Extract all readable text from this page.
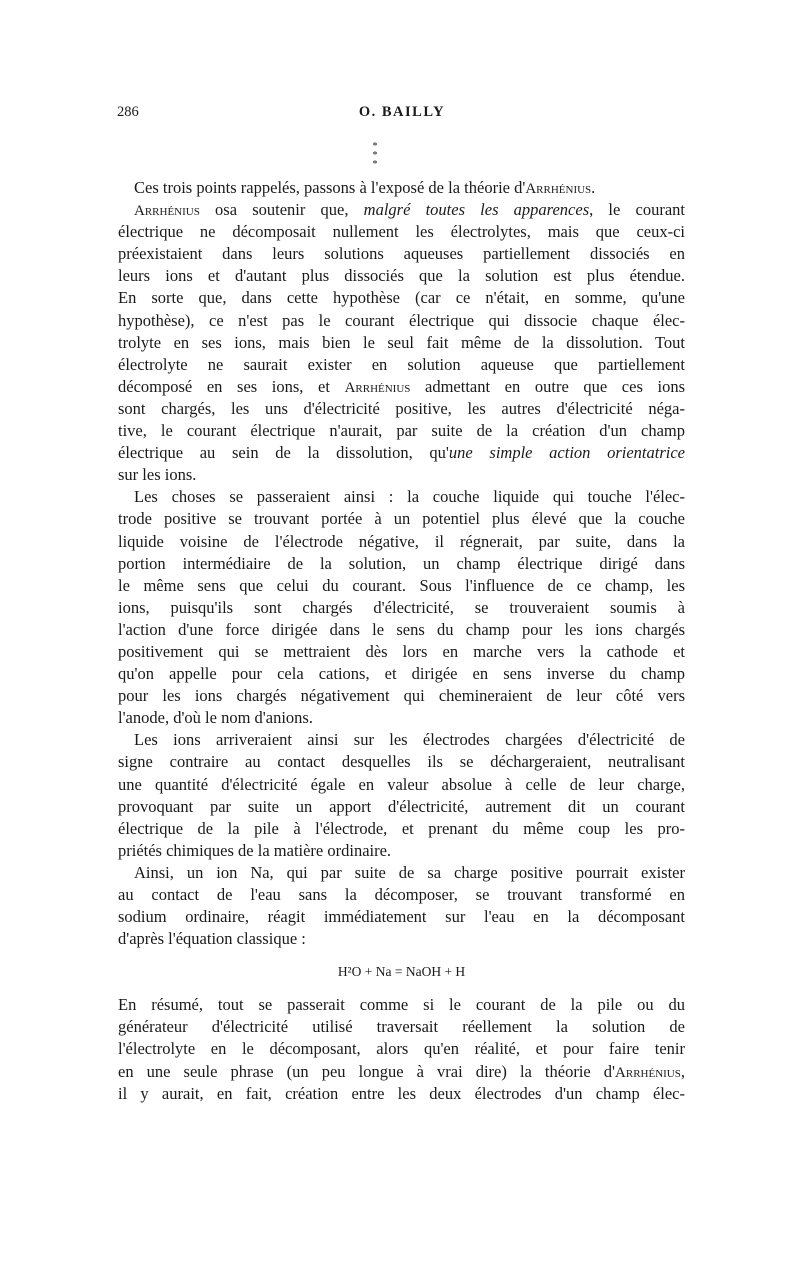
286	O. BAILLY
*
* *
Ces trois points rappelés, passons à l'exposé de la théorie d'Arrhénius.
Arrhénius osa soutenir que, malgré toutes les apparences, le courant
électrique ne décomposait nullement les électrolytes, mais que ceux-ci
préexistaient dans leurs solutions aqueuses partiellement dissociés en
leurs ions et d'autant plus dissociés que la solution est plus étendue.
En sorte que, dans cette hypothèse (car ce n'était, en somme, qu'une
hypothèse), ce n'est pas le courant électrique qui dissocie chaque élec-
trolyte en ses ions, mais bien le seul fait même de la dissolution. Tout
électrolyte ne saurait exister en solution aqueuse que partiellement
décomposé en ses ions, et Arrhénius admettant en outre que ces ions
sont chargés, les uns d'électricité positive, les autres d'électricité néga-
tive, le courant électrique n'aurait, par suite de la création d'un champ
électrique au sein de la dissolution, qu'une simple action orientatrice
sur les ions.
Les choses se passeraient ainsi : la couche liquide qui touche l'élec-
trode positive se trouvant portée à un potentiel plus élevé que la couche
liquide voisine de l'électrode négative, il régnerait, par suite, dans la
portion intermédiaire de la solution, un champ électrique dirigé dans
le même sens que celui du courant. Sous l'influence de ce champ, les
ions, puisqu'ils sont chargés d'électricité, se trouveraient soumis à
l'action d'une force dirigée dans le sens du champ pour les ions chargés
positivement qui se mettraient dès lors en marche vers la cathode et
qu'on appelle pour cela cations, et dirigée en sens inverse du champ
pour les ions chargés négativement qui chemineraient de leur côté vers
l'anode, d'où le nom d'anions.
Les ions arriveraient ainsi sur les électrodes chargées d'électricité de
signe contraire au contact desquelles ils se déchargeraient, neutralisant
une quantité d'électricité égale en valeur absolue à celle de leur charge,
provoquant par suite un apport d'électricité, autrement dit un courant
électrique de la pile à l'électrode, et prenant du même coup les pro-
priétés chimiques de la matière ordinaire.
Ainsi, un ion Na, qui par suite de sa charge positive pourrait exister
au contact de l'eau sans la décomposer, se trouvant transformé en
sodium ordinaire, réagit immédiatement sur l'eau en la décomposant
d'après l'équation classique :
H²O + Na = NaOH + H
En résumé, tout se passerait comme si le courant de la pile ou du
générateur d'électricité utilisé traversait réellement la solution de
l'électrolyte en le décomposant, alors qu'en réalité, et pour faire tenir
en une seule phrase (un peu longue à vrai dire) la théorie d'Arrhénius,
il y aurait, en fait, création entre les deux électrodes d'un champ élec-
